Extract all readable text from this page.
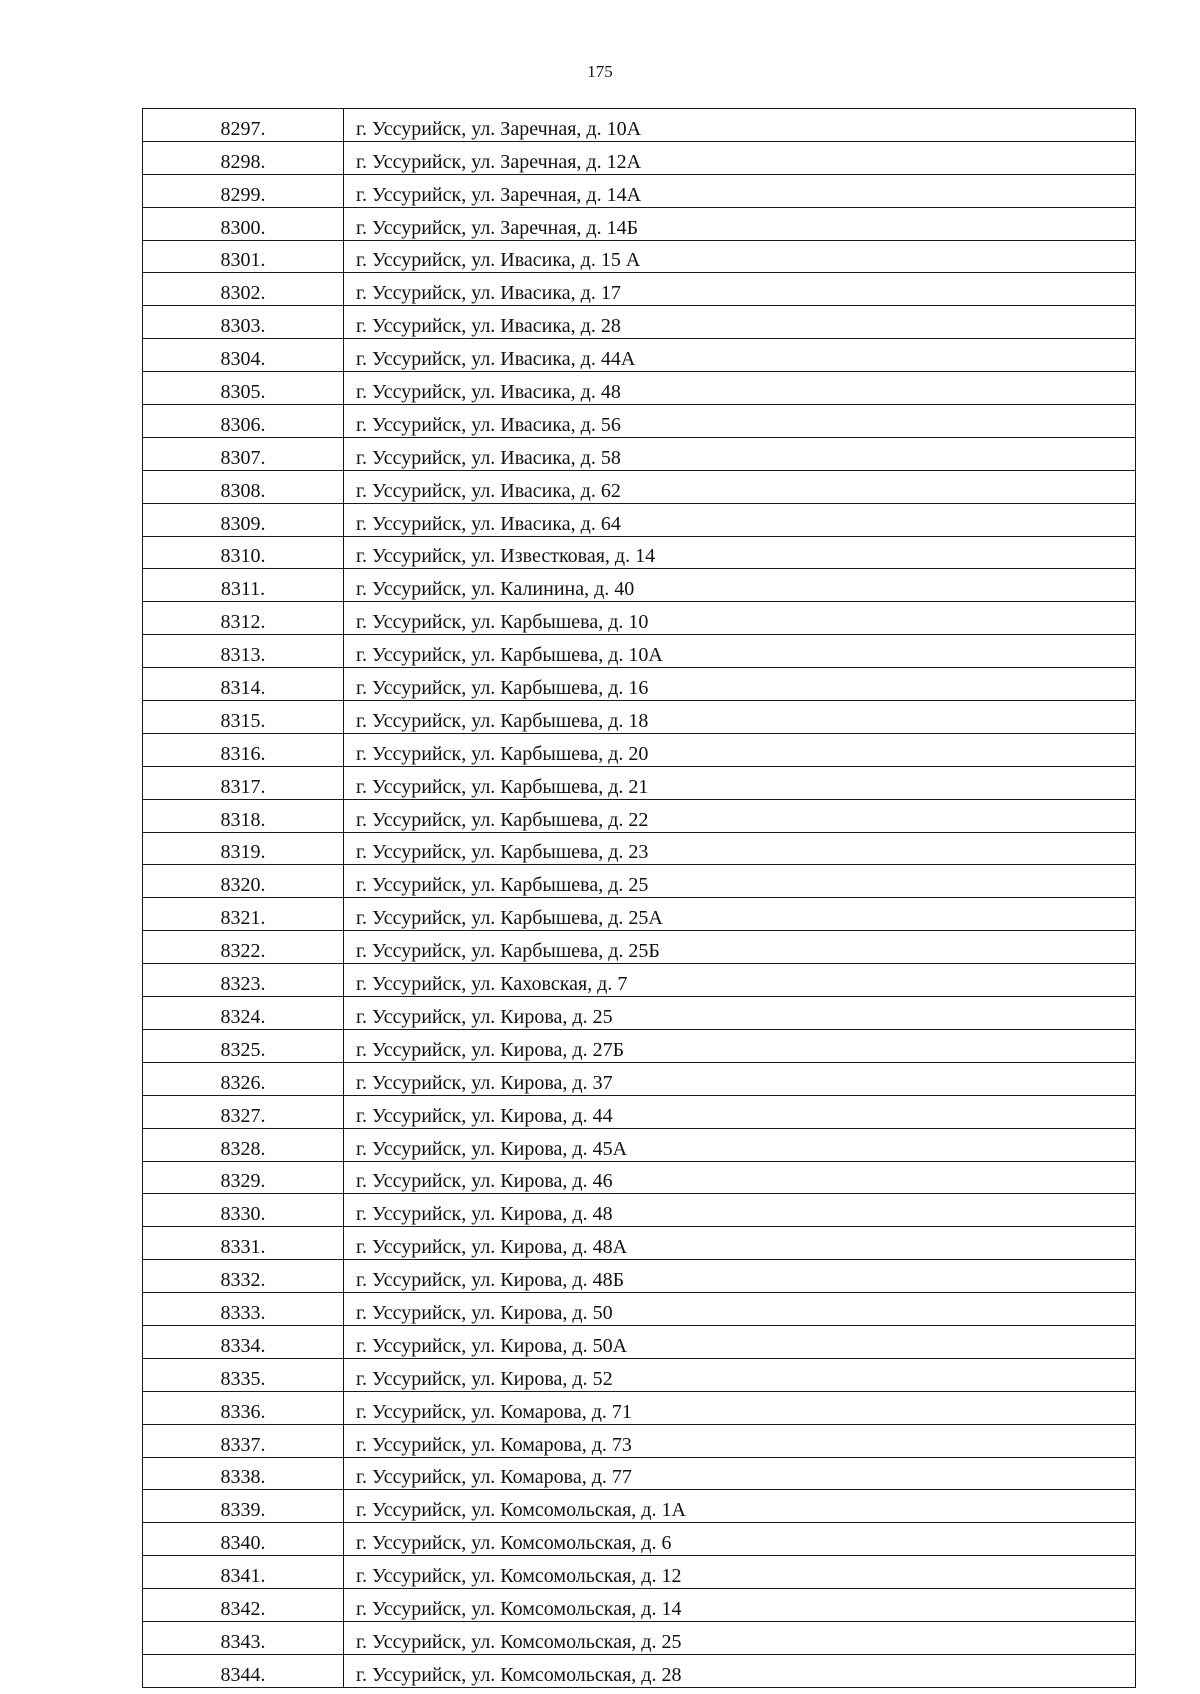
175
8297.	г. Уссурийск, ул. Заречная, д. 10А
8298.	г. Уссурийск, ул. Заречная, д. 12А
8299.	г. Уссурийск, ул. Заречная, д. 14А
8300.	г. Уссурийск, ул. Заречная, д. 14Б
8301.	г. Уссурийск, ул. Ивасика, д. 15 А
8302.	г. Уссурийск, ул. Ивасика, д. 17
8303.	г. Уссурийск, ул. Ивасика, д. 28
8304.	г. Уссурийск, ул. Ивасика, д. 44А
8305.	г. Уссурийск, ул. Ивасика, д. 48
8306.	г. Уссурийск, ул. Ивасика, д. 56
8307.	г. Уссурийск, ул. Ивасика, д. 58
8308.	г. Уссурийск, ул. Ивасика, д. 62
8309.	г. Уссурийск, ул. Ивасика, д. 64
8310.	г. Уссурийск, ул. Известковая, д. 14
8311.	г. Уссурийск, ул. Калинина, д. 40
8312.	г. Уссурийск, ул. Карбышева, д. 10
8313.	г. Уссурийск, ул. Карбышева, д. 10А
8314.	г. Уссурийск, ул. Карбышева, д. 16
8315.	г. Уссурийск, ул. Карбышева, д. 18
8316.	г. Уссурийск, ул. Карбышева, д. 20
8317.	г. Уссурийск, ул. Карбышева, д. 21
8318.	г. Уссурийск, ул. Карбышева, д. 22
8319.	г. Уссурийск, ул. Карбышева, д. 23
8320.	г. Уссурийск, ул. Карбышева, д. 25
8321.	г. Уссурийск, ул. Карбышева, д. 25А
8322.	г. Уссурийск, ул. Карбышева, д. 25Б
8323.	г. Уссурийск, ул. Каховская, д. 7
8324.	г. Уссурийск, ул. Кирова, д. 25
8325.	г. Уссурийск, ул. Кирова, д. 27Б
8326.	г. Уссурийск, ул. Кирова, д. 37
8327.	г. Уссурийск, ул. Кирова, д. 44
8328.	г. Уссурийск, ул. Кирова, д. 45А
8329.	г. Уссурийск, ул. Кирова, д. 46
8330.	г. Уссурийск, ул. Кирова, д. 48
8331.	г. Уссурийск, ул. Кирова, д. 48А
8332.	г. Уссурийск, ул. Кирова, д. 48Б
8333.	г. Уссурийск, ул. Кирова, д. 50
8334.	г. Уссурийск, ул. Кирова, д. 50А
8335.	г. Уссурийск, ул. Кирова, д. 52
8336.	г. Уссурийск, ул. Комарова, д. 71
8337.	г. Уссурийск, ул. Комарова, д. 73
8338.	г. Уссурийск, ул. Комарова, д. 77
8339.	г. Уссурийск, ул. Комсомольская, д. 1А
8340.	г. Уссурийск, ул. Комсомольская, д. 6
8341.	г. Уссурийск, ул. Комсомольская, д. 12
8342.	г. Уссурийск, ул. Комсомольская, д. 14
8343.	г. Уссурийск, ул. Комсомольская, д. 25
8344.	г. Уссурийск, ул. Комсомольская, д. 28
